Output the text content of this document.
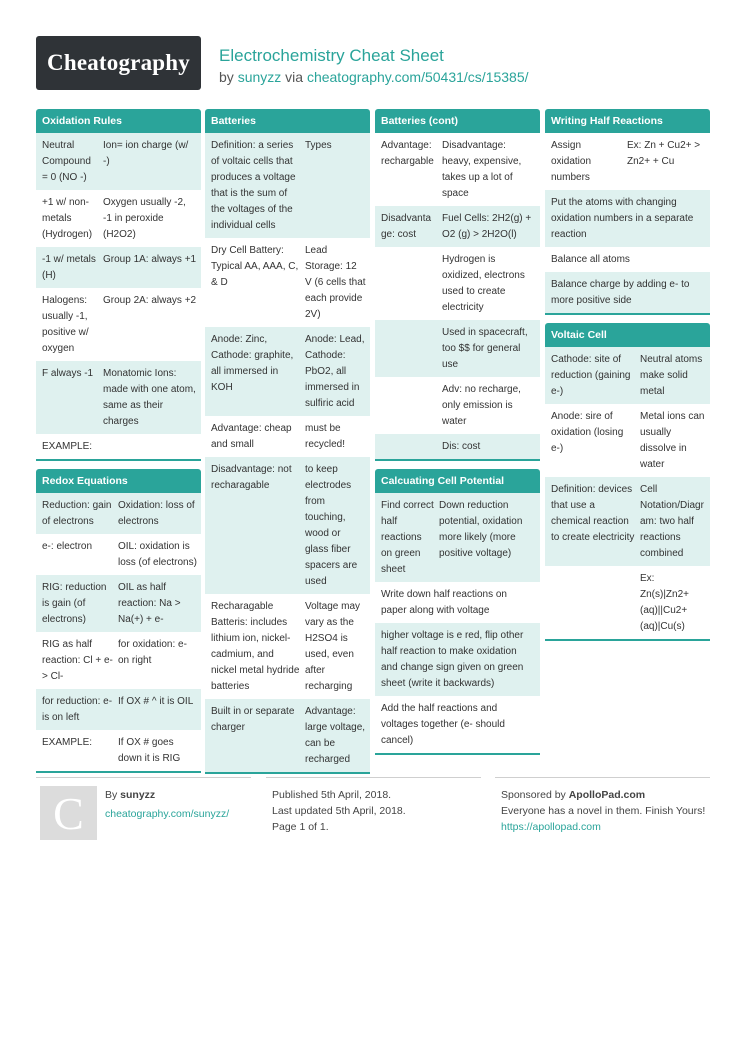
Cheatography Electrochemistry Cheat Sheet
by sunyzz via cheatography.com/50431/cs/15385/
Oxidation Rules
Neutral Compound = 0 (NO -)
Ion= ion charge (w/ -)
+1 w/ non-metals (Hydrogen)
Oxygen usually -2, -1 in peroxide (H2O2)
-1 w/ metals (H)
Group 1A: always +1
Halogens: usually -1, positive w/ oxygen
Group 2A: always +2
F always -1 Monatomic Ions: made with one atom, same as their charges
EXAMPLE:
Redox Equations
Reduction: gain of electrons
Oxidation: loss of electrons
e-: electron	OIL: oxidation is loss (of electrons)
RIG: reduction is gain (of electrons)
OIL as half reaction: Na > Na(+) + e-
RIG as half reaction: Cl + e- > Cl-
for oxidation: e- on right
for reduction: e- is on left
If OX # ^ it is OIL
EXAMPLE:	If OX # goes down it is RIG
Batteries
Definition: a series of voltaic cells that produces a voltage that is the sum of the voltages of the individual cells
Types
Dry Cell Battery: Typical AA, AAA, C, & D
Lead Storage: 12 V (6 cells that each provide 2V)
Anode: Zinc, Cathode: graphite, all immersed in KOH
Anode: Lead, Cathode: PbO2, all immersed in sulfiric acid
Advantage: cheap and small
must be recycled!
Disadvantage: not recharagable
to keep electrodes from touching, wood or glass fiber spacers are used
Recharagable Batteris: includes lithium ion, nickel-cadmium, and nickel metal hydride batteries
Voltage may vary as the H2SO4 is used, even after recharging
Built in or separate charger
Advantage: large voltage, can be recharged
Batteries (cont)
Advantage: rechargable
Disadvantage: heavy, expensive, takes up a lot of space
Disadvanta ge: cost
Fuel Cells: 2H2(g) + O2 (g) > 2H2O(l)
Hydrogen is oxidized, electrons used to create electricity
Used in spacecraft, too $$ for general use
Adv: no recharge, only emission is water
Dis: cost
Calcuating Cell Potential
Find correct half reactions on green sheet
Down reduction potential, oxidation more likely (more positive voltage)
Write down half reactions on paper along with voltage
higher voltage is e red, flip other half reaction to make oxidation and change sign given on green sheet (write it backwards)
Add the half reactions and voltages together (e- should cancel)
Writing Half Reactions
Assign oxidation numbers
Ex: Zn + Cu2+ > Zn2+ + Cu
Put the atoms with changing oxidation numbers in a separate reaction
Balance all atoms
Balance charge by adding e- to more positive side
Voltaic Cell
Cathode: site of reduction (gaining e-)
Neutral atoms make solid metal
Anode: sire of oxidation (losing e-)
Metal ions can usually dissolve in water
Definition: devices that use a chemical reaction to create electricity
Cell Notation/Diagr am: two half reactions combined
Ex: Zn(s)|Zn2+ (aq)||Cu2+ (aq)|Cu(s)
C By sunyzz
cheatography.com/sunyzz/
Published 5th April, 2018.
Last updated 5th April, 2018.
Page 1 of 1.
Sponsored by ApolloPad.com
Everyone has a novel in them. Finish Yours!
https://apollopad.com
